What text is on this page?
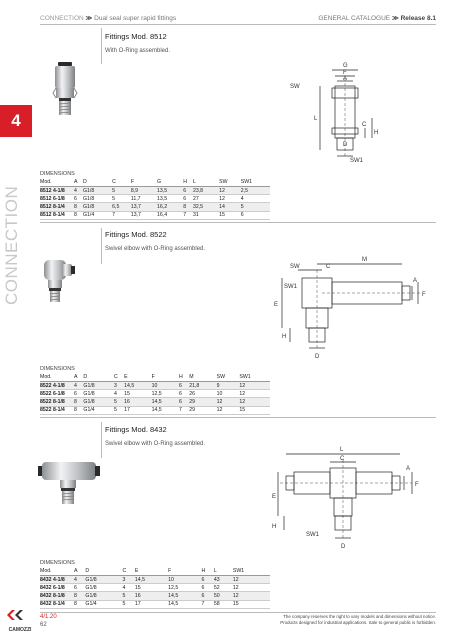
CONNECTION ≫ Dual seal super rapid fittings	GENERAL CATALOGUE ≫ Release 8.1
4
CONNECTION
Fittings Mod. 8512
With O-Ring assembled.
G
F
A
SW
L
C
H
D
SW1
DIMENSIONS
Mod.	A	D	C	F	G	H	L	SW	SW1
8512 4-1/8	4	G1/8	5	8,9	13,5	6	23,8	12	2,5
8512 6-1/8	6	G1/8	5	11,7	13,5	6	27	12	4
8512 8-1/4	8	G1/8	6,5	13,7	16,2	8	32,5	14	5
8512 8-1/4	8	G1/4	7	13,7	16,4	7	31	15	6
Fittings Mod. 8522
Swivel elbow with O-Ring assembled.
SW	C
M
SW1
A
F
E
H
D
DIMENSIONS
Mod.	A	D	C	E	F	H	M	SW	SW1
8522 4-1/8	4	G1/8	3	14,5	10	6	21,8	9	12
8522 6-1/8	6	G1/8	4	15	12,5	6	26	10	12
8522 8-1/8	8	G1/8	5	16	14,5	6	29	12	12
8522 8-1/4	8	G1/4	5	17	14,5	7	29	12	15
Fittings Mod. 8432
Swivel elbow with O-Ring assembled.
L
C
A
F
E
H
SW1
D
DIMENSIONS
Mod.	A	D	C	E	F	H	L	SW1
8432 4-1/8	4	G1/8	3	14,5	10	6	43	12
8432 6-1/8	6	G1/8	4	15	12,5	6	52	12
8432 8-1/8	8	G1/8	5	16	14,5	6	50	12
8432 8-1/4	8	G1/4	5	17	14,5	7	58	15
CAMOZZI
4/1.20
62
The company reserves the right to vary models and dimensions without notice.
Products designed for industrial applications. Sale to general public is forbidden.
